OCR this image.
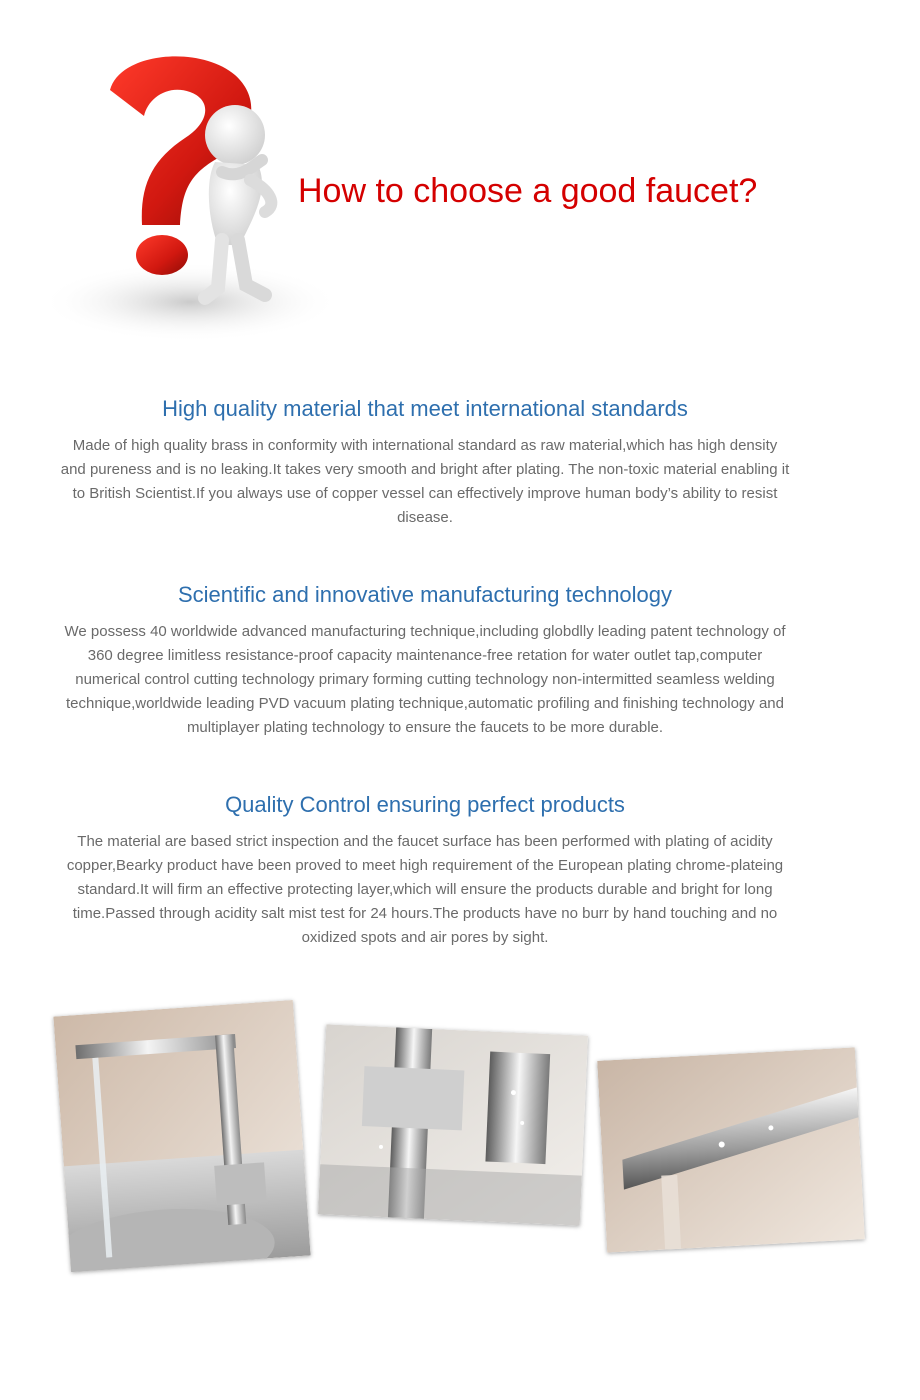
How to choose a good faucet?
High quality material that meet international standards

Made of high quality brass in conformity with international standard as raw material,which has high density and pureness and is no leaking.It takes very smooth and bright after plating. The non-toxic material enabling it to British Scientist.If you always use of copper vessel can effectively improve human body’s ability to resist disease.

Scientific and innovative manufacturing technology

We possess 40 worldwide advanced manufacturing technique,including globdlly leading patent technology of 360 degree limitless resistance-proof capacity maintenance-free retation for water outlet tap,computer numerical control cutting technology primary forming cutting technology non-intermitted seamless welding technique,worldwide leading PVD vacuum plating technique,automatic profiling and finishing technology and multiplayer plating technology to ensure the faucets to be more durable.

Quality Control ensuring perfect products

The material are based strict inspection and the faucet surface has been performed with plating of acidity copper,Bearky product have been proved to meet high requirement of the European plating chrome-plateing standard.It will firm an effective protecting layer,which will ensure the products durable and bright for long time.Passed through acidity salt mist test for 24 hours.The products have no burr by hand touching and no oxidized spots and air pores by sight.
